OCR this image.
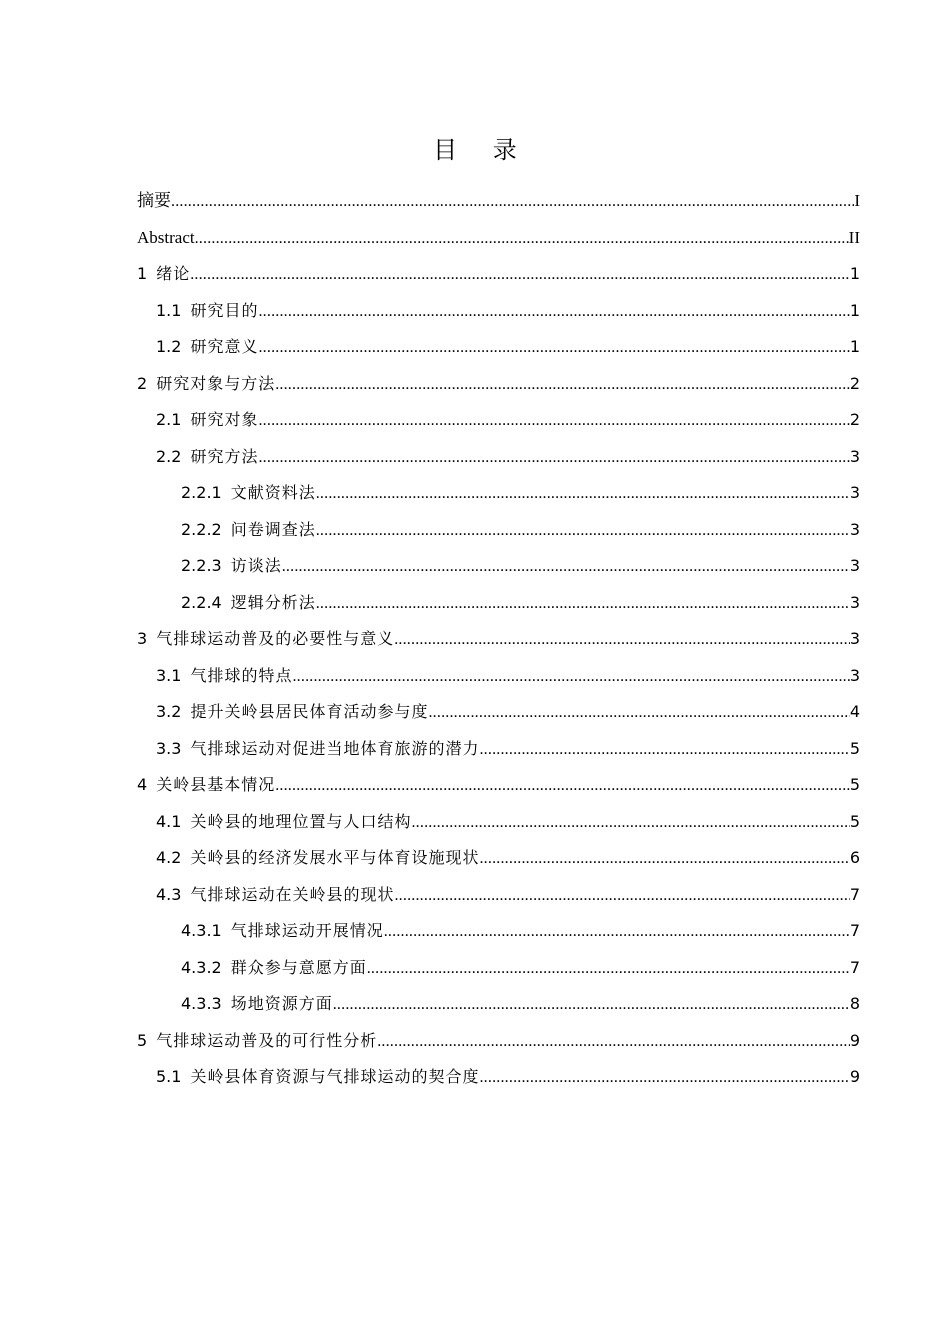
目 录
摘要 .....	I
Abstract .....	II
1 绪论 .....	1
1.1 研究目的 .....	1
1.2 研究意义 .....	1
2 研究对象与方法 .....	2
2.1 研究对象 .....	2
2.2 研究方法 .....	3
2.2.1 文献资料法 .....	3
2.2.2 问卷调查法 .....	3
2.2.3 访谈法 .....	3
2.2.4 逻辑分析法 .....	3
3 气排球运动普及的必要性与意义 .....	3
3.1 气排球的特点 .....	3
3.2 提升关岭县居民体育活动参与度 .....	4
3.3 气排球运动对促进当地体育旅游的潜力 .....	5
4 关岭县基本情况 .....	5
4.1 关岭县的地理位置与人口结构 .....	5
4.2 关岭县的经济发展水平与体育设施现状 .....	6
4.3 气排球运动在关岭县的现状 .....	7
4.3.1 气排球运动开展情况 .....	7
4.3.2 群众参与意愿方面 .....	7
4.3.3 场地资源方面 .....	8
5 气排球运动普及的可行性分析 .....	9
5.1 关岭县体育资源与气排球运动的契合度 .....	9
